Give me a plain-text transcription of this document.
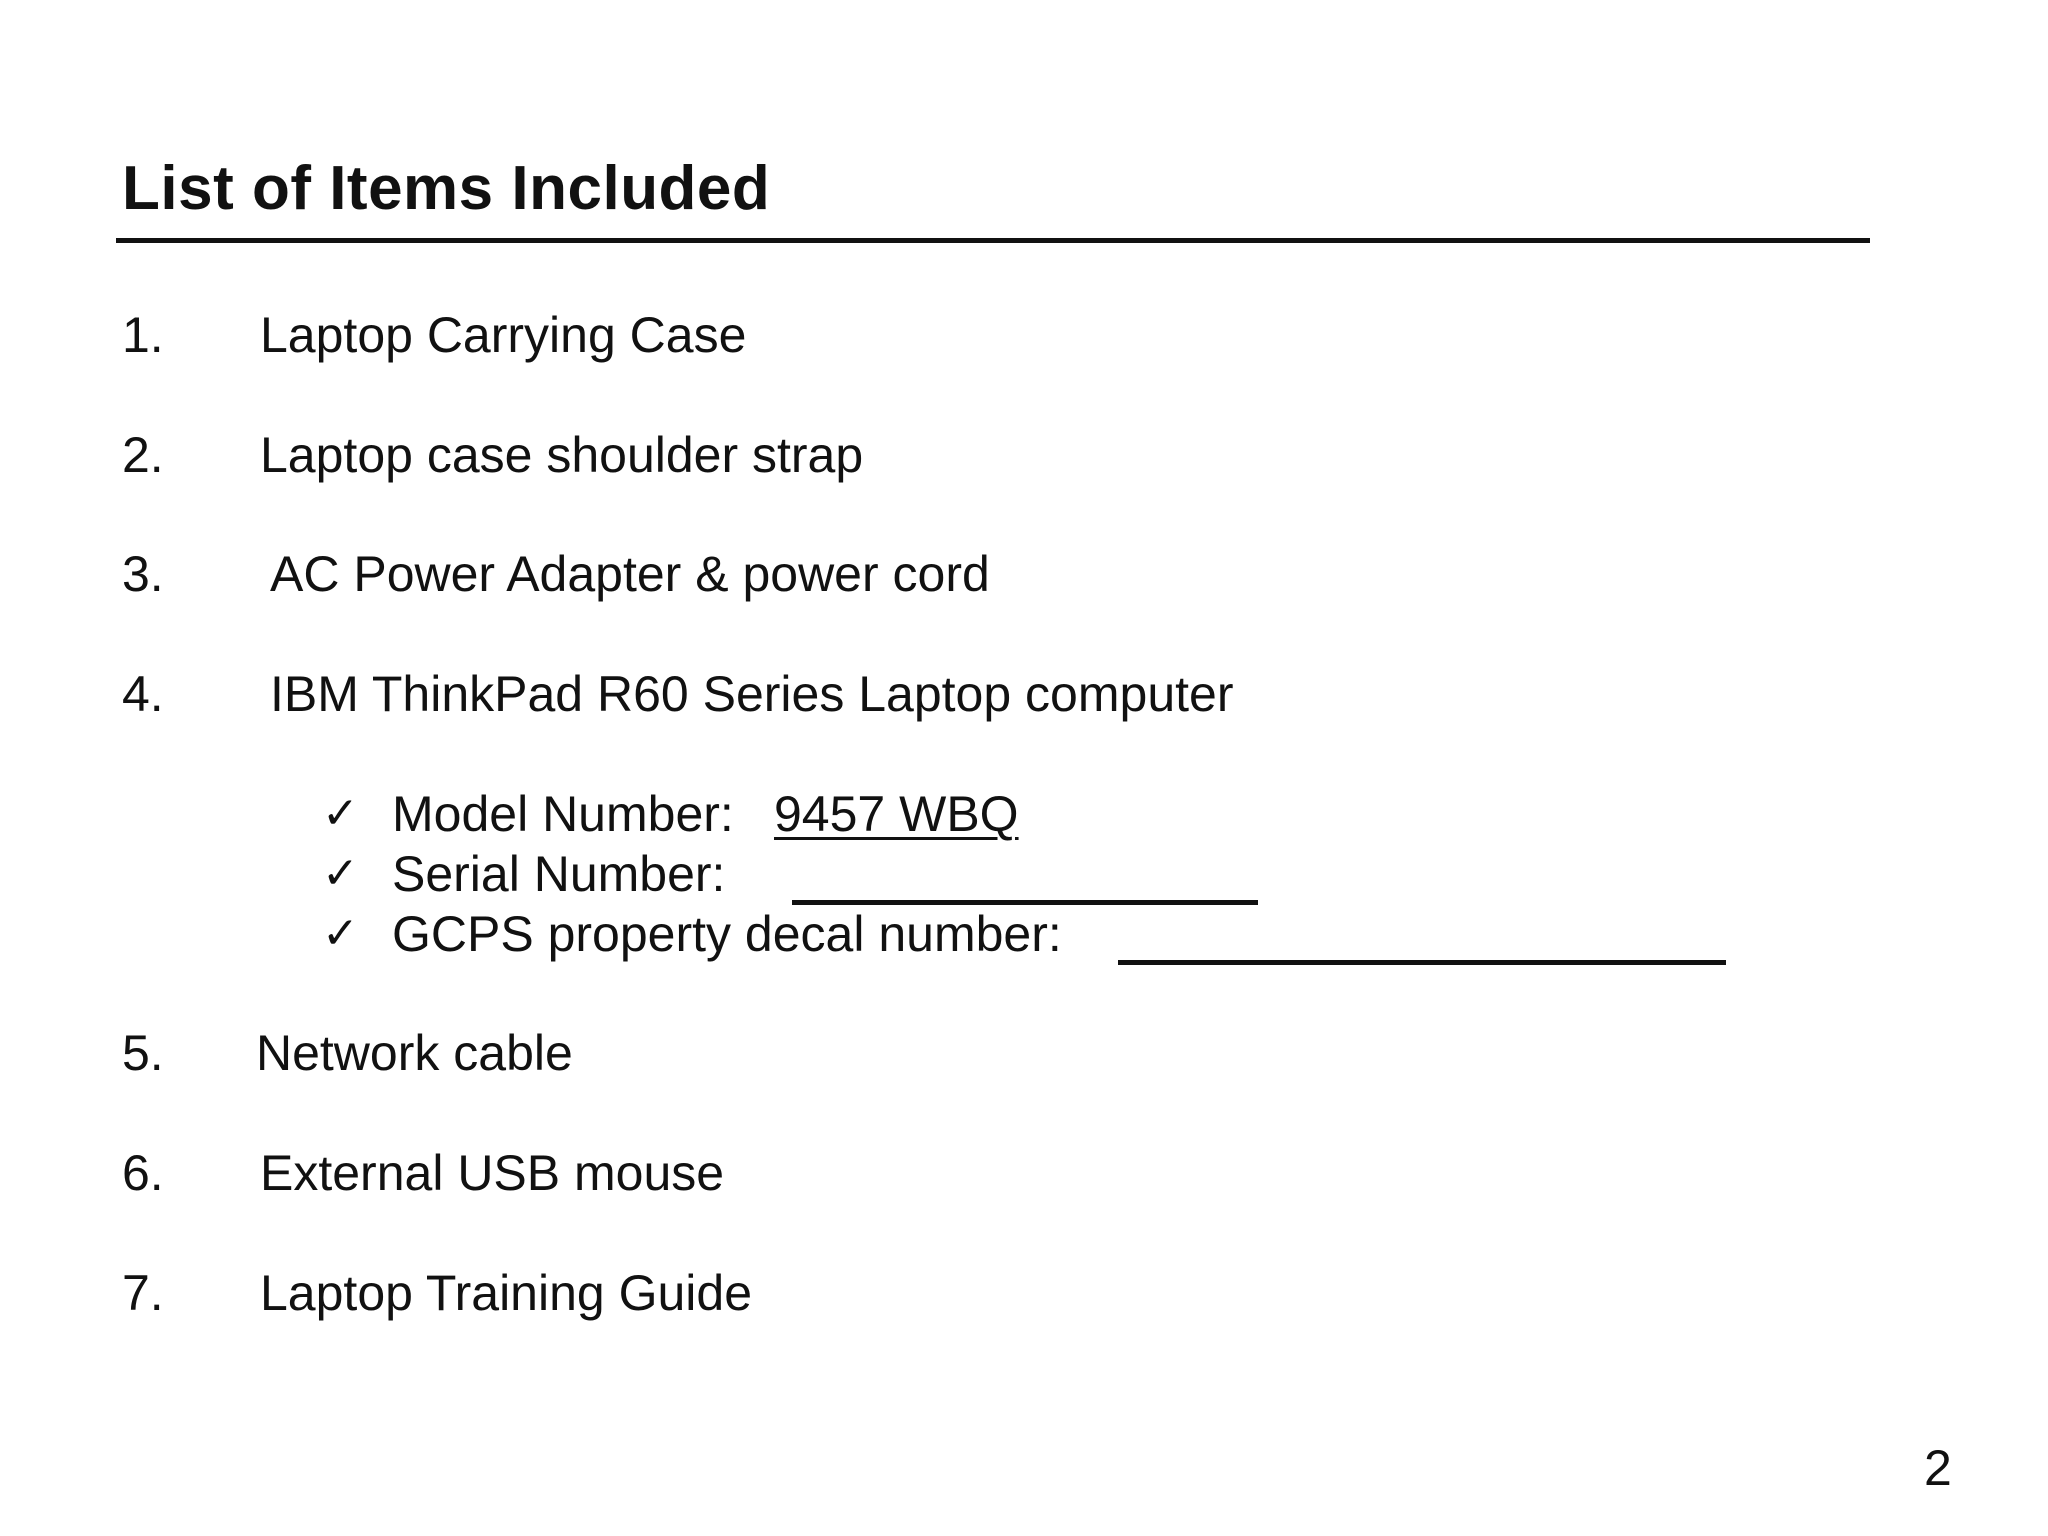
List of Items Included
1. Laptop Carrying Case
2. Laptop case shoulder strap
3. AC Power Adapter & power cord
4. IBM ThinkPad R60 Series Laptop computer
✓ Model Number: 9457 WBQ
✓ Serial Number:
✓ GCPS property decal number:
5. Network cable
6. External USB mouse
7. Laptop Training Guide
2
